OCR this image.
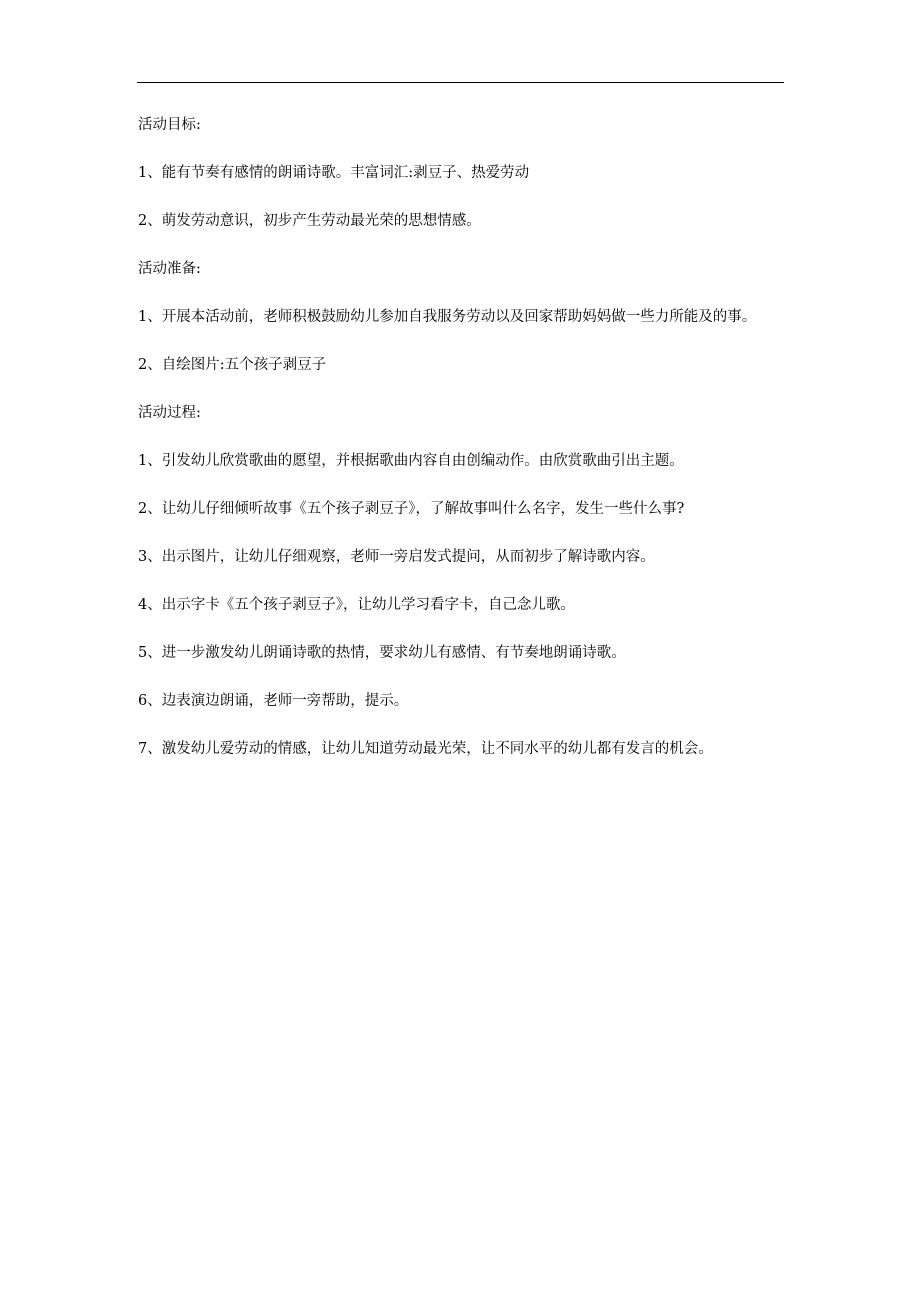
活动目标:

1、能有节奏有感情的朗诵诗歌。丰富词汇:剥豆子、热爱劳动

2、萌发劳动意识，初步产生劳动最光荣的思想情感。

活动准备:

1、开展本活动前，老师积极鼓励幼儿参加自我服务劳动以及回家帮助妈妈做一些力所能及的事。

2、自绘图片:五个孩子剥豆子

活动过程:

1、引发幼儿欣赏歌曲的愿望，并根据歌曲内容自由创编动作。由欣赏歌曲引出主题。

2、让幼儿仔细倾听故事《五个孩子剥豆子》，了解故事叫什么名字，发生一些什么事?

3、出示图片，让幼儿仔细观察，老师一旁启发式提问，从而初步了解诗歌内容。

4、出示字卡《五个孩子剥豆子》，让幼儿学习看字卡，自己念儿歌。

5、进一步激发幼儿朗诵诗歌的热情，要求幼儿有感情、有节奏地朗诵诗歌。

6、边表演边朗诵，老师一旁帮助，提示。

7、激发幼儿爱劳动的情感，让幼儿知道劳动最光荣，让不同水平的幼儿都有发言的机会。
